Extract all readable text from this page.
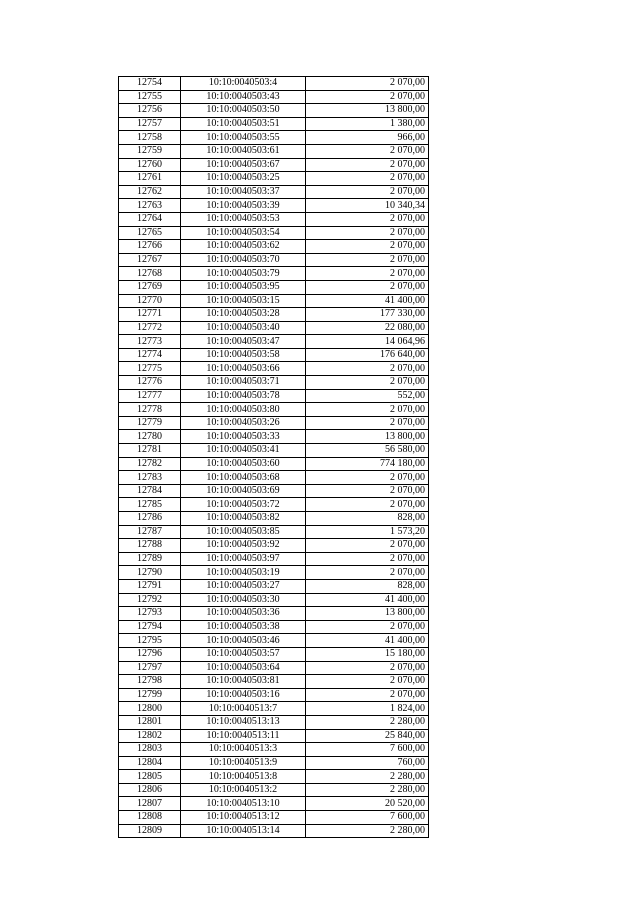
12754	10:10:0040503:4	2 070,00
12755	10:10:0040503:43	2 070,00
12756	10:10:0040503:50	13 800,00
12757	10:10:0040503:51	1 380,00
12758	10:10:0040503:55	966,00
12759	10:10:0040503:61	2 070,00
12760	10:10:0040503:67	2 070,00
12761	10:10:0040503:25	2 070,00
12762	10:10:0040503:37	2 070,00
12763	10:10:0040503:39	10 340,34
12764	10:10:0040503:53	2 070,00
12765	10:10:0040503:54	2 070,00
12766	10:10:0040503:62	2 070,00
12767	10:10:0040503:70	2 070,00
12768	10:10:0040503:79	2 070,00
12769	10:10:0040503:95	2 070,00
12770	10:10:0040503:15	41 400,00
12771	10:10:0040503:28	177 330,00
12772	10:10:0040503:40	22 080,00
12773	10:10:0040503:47	14 064,96
12774	10:10:0040503:58	176 640,00
12775	10:10:0040503:66	2 070,00
12776	10:10:0040503:71	2 070,00
12777	10:10:0040503:78	552,00
12778	10:10:0040503:80	2 070,00
12779	10:10:0040503:26	2 070,00
12780	10:10:0040503:33	13 800,00
12781	10:10:0040503:41	56 580,00
12782	10:10:0040503:60	774 180,00
12783	10:10:0040503:68	2 070,00
12784	10:10:0040503:69	2 070,00
12785	10:10:0040503:72	2 070,00
12786	10:10:0040503:82	828,00
12787	10:10:0040503:85	1 573,20
12788	10:10:0040503:92	2 070,00
12789	10:10:0040503:97	2 070,00
12790	10:10:0040503:19	2 070,00
12791	10:10:0040503:27	828,00
12792	10:10:0040503:30	41 400,00
12793	10:10:0040503:36	13 800,00
12794	10:10:0040503:38	2 070,00
12795	10:10:0040503:46	41 400,00
12796	10:10:0040503:57	15 180,00
12797	10:10:0040503:64	2 070,00
12798	10:10:0040503:81	2 070,00
12799	10:10:0040503:16	2 070,00
12800	10:10:0040513:7	1 824,00
12801	10:10:0040513:13	2 280,00
12802	10:10:0040513:11	25 840,00
12803	10:10:0040513:3	7 600,00
12804	10:10:0040513:9	760,00
12805	10:10:0040513:8	2 280,00
12806	10:10:0040513:2	2 280,00
12807	10:10:0040513:10	20 520,00
12808	10:10:0040513:12	7 600,00
12809	10:10:0040513:14	2 280,00
